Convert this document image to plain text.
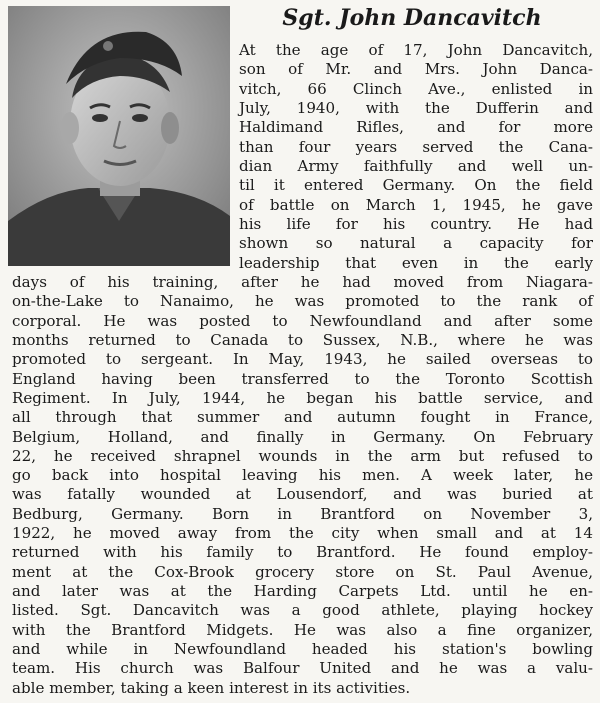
Sgt. John Dancavitch
At the age of 17, John Dancavitch,
son of Mr. and Mrs. John Danca-
vitch, 66 Clinch Ave., enlisted in
July, 1940, with the Dufferin and
Haldimand Rifles, and for more
than four years served the Cana-
dian Army faithfully and well un-
til it entered Germany. On the field
of battle on March 1, 1945, he gave
his life for his country. He had
shown so natural a capacity for
leadership that even in the early
days of his training, after he had moved from Niagara-
on-the-Lake to Nanaimo, he was promoted to the rank of
corporal. He was posted to Newfoundland and after some
months returned to Canada to Sussex, N.B., where he was
promoted to sergeant. In May, 1943, he sailed overseas to
England having been transferred to the Toronto Scottish
Regiment. In July, 1944, he began his battle service, and
all through that summer and autumn fought in France,
Belgium, Holland, and finally in Germany. On February
22, he received shrapnel wounds in the arm but refused to
go back into hospital leaving his men. A week later, he
was fatally wounded at Lousendorf, and was buried at
Bedburg, Germany. Born in Brantford on November 3,
1922, he moved away from the city when small and at 14
returned with his family to Brantford. He found employ-
ment at the Cox-Brook grocery store on St. Paul Avenue,
and later was at the Harding Carpets Ltd. until he en-
listed. Sgt. Dancavitch was a good athlete, playing hockey
with the Brantford Midgets. He was also a fine organizer,
and while in Newfoundland headed his station's bowling
team. His church was Balfour United and he was a valu-
able member, taking a keen interest in its activities.
